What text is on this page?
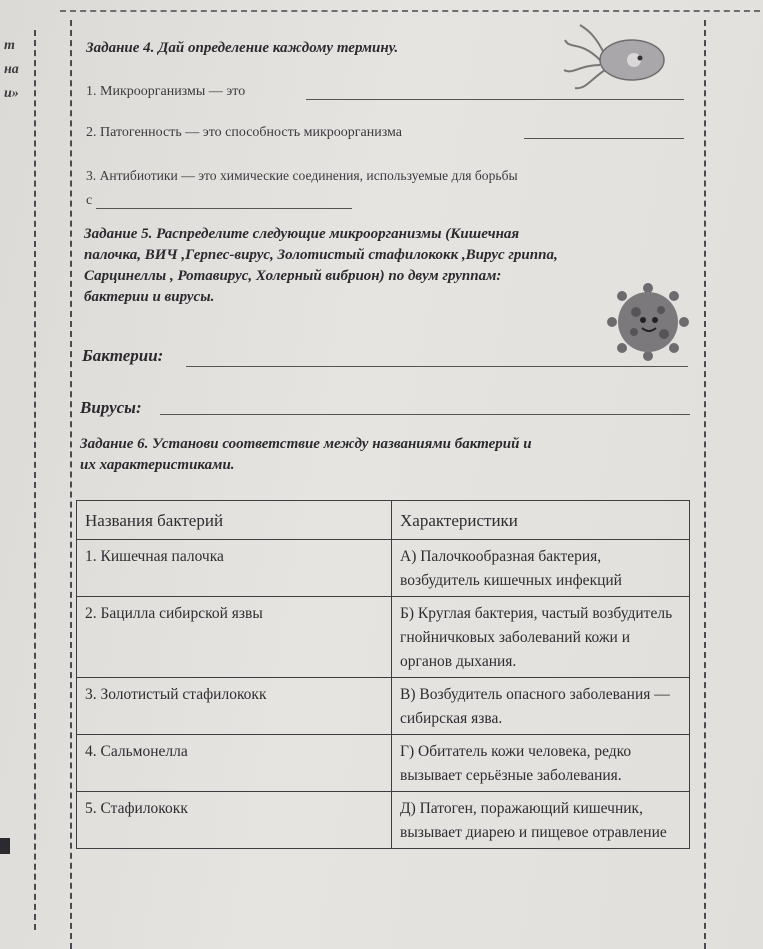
т
на
и»
Задание 4. Дай определение каждому термину.
1. Микроорганизмы — это
2. Патогенность — это способность микроорганизма
3. Антибиотики — это химические соединения, используемые для борьбы
с
Задание 5. Распределите следующие микроорганизмы (Кишечная
палочка, ВИЧ ,Герпес-вирус, Золотистый стафилококк ,Вирус гриппа,
Сарцинеллы , Ротавирус, Холерный вибрион) по двум группам:
бактерии и вирусы.
Бактерии:
Вирусы:
Задание 6. Установи соответствие между названиями бактерий и
их характеристиками.
Названия бактерий	Характеристики
1. Кишечная палочка	А) Палочкообразная бактерия, возбудитель кишечных инфекций
2. Бацилла сибирской язвы	Б) Круглая бактерия, частый возбудитель гнойничковых заболеваний кожи и органов дыхания.
3. Золотистый стафилококк	В) Возбудитель опасного заболевания — сибирская язва.
4. Сальмонелла	Г) Обитатель кожи человека, редко вызывает серьёзные заболевания.
5. Стафилококк	Д) Патоген, поражающий кишечник, вызывает диарею и пищевое отравление
